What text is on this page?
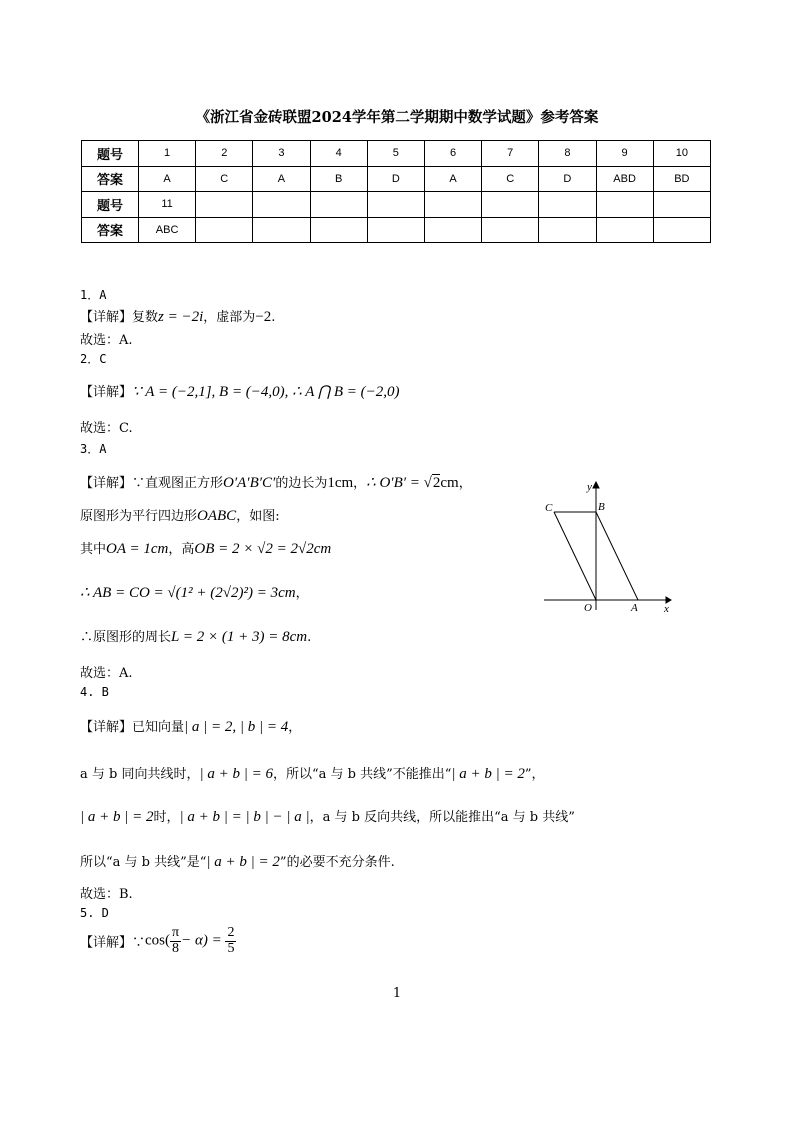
《浙江省金砖联盟2024学年第二学期期中数学试题》参考答案
题号	1	2	3	4	5	6	7	8	9	10
答案	A	C	A	B	D	A	C	D	ABD	BD
题号	11									
答案	ABC									
1．A
【详解】复数z = −2i，虚部为−2.
故选：A.
2．C
【详解】∵ A = (−2,1], B = (−4,0), ∴ A ⋂ B = (−2,0)
故选：C.
3．A
【详解】∵直观图正方形O′A′B′C′的边长为1cm，∴ O′B′ = √2cm，
原图形为平行四边形OABC，如图:
其中OA = 1cm，高OB = 2 × √2 = 2√2cm
∴ AB = CO = √(1² + (2√2)²) = 3cm，
∴原图形的周长L = 2 × (1 + 3) = 8cm.
故选：A.
y
x
C	B
O	A
4. B
【详解】已知向量| a | = 2, | b | = 4，
a 与 b 同向共线时，| a + b | = 6，所以“a 与 b 共线”不能推出“| a + b | = 2”，
| a + b | = 2时，| a + b | = | b | − | a |，a 与 b 反向共线，所以能推出“a 与 b 共线”
所以“a 与 b 共线”是“| a + b | = 2”的必要不充分条件.
故选：B.
5. D
【详解】∵cos( $\frac{\pi}{8} - \alpha) = \frac{2}{5}$
1
